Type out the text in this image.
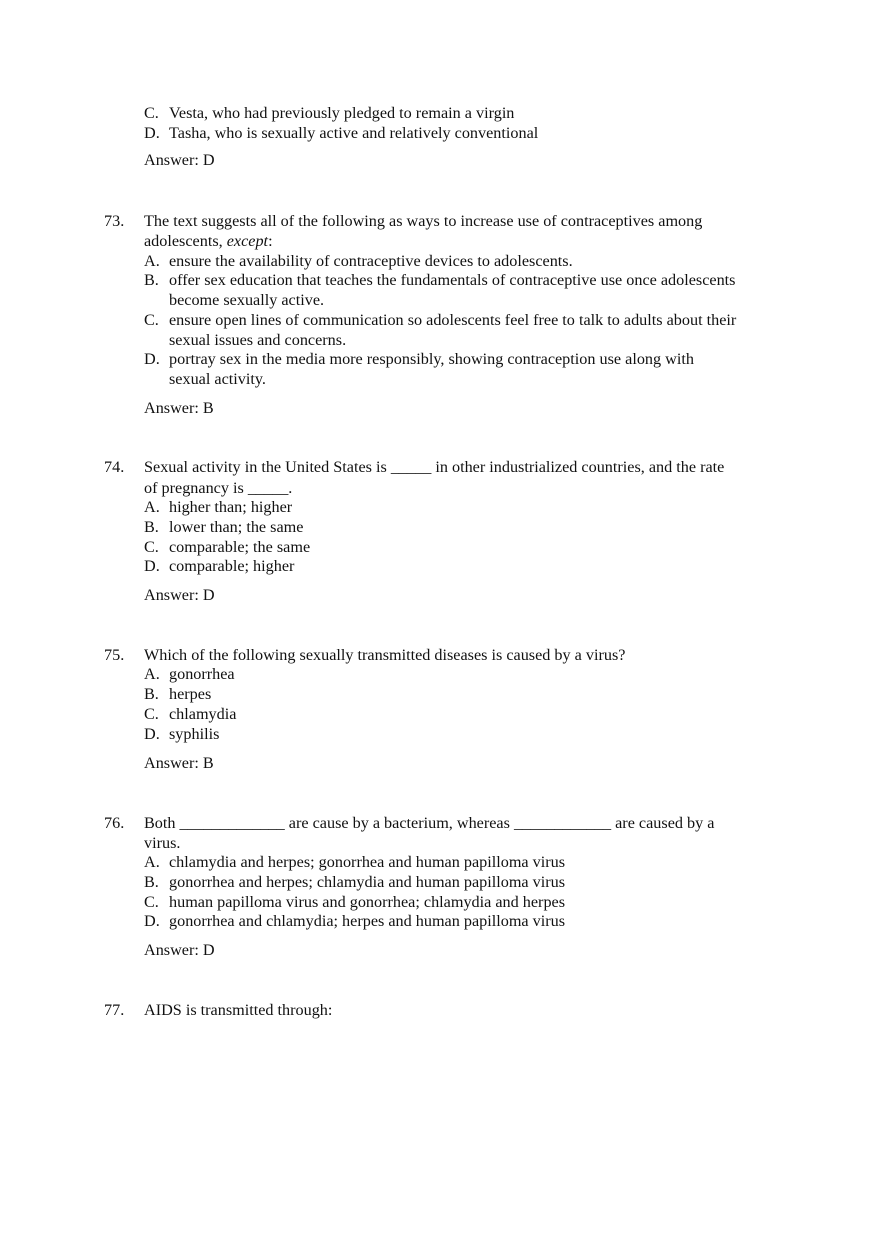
C. Vesta, who had previously pledged to remain a virgin
D. Tasha, who is sexually active and relatively conventional
Answer: D
73. The text suggests all of the following as ways to increase use of contraceptives among
adolescents, except:
A. ensure the availability of contraceptive devices to adolescents.
B. offer sex education that teaches the fundamentals of contraceptive use once adolescents
become sexually active.
C. ensure open lines of communication so adolescents feel free to talk to adults about their
sexual issues and concerns.
D. portray sex in the media more responsibly, showing contraception use along with
sexual activity.
Answer: B
74. Sexual activity in the United States is _____ in other industrialized countries, and the rate
of pregnancy is _____.
A. higher than; higher
B. lower than; the same
C. comparable; the same
D. comparable; higher
Answer: D
75. Which of the following sexually transmitted diseases is caused by a virus?
A. gonorrhea
B. herpes
C. chlamydia
D. syphilis
Answer: B
76. Both _____________ are cause by a bacterium, whereas ____________ are caused by a
virus.
A. chlamydia and herpes; gonorrhea and human papilloma virus
B. gonorrhea and herpes; chlamydia and human papilloma virus
C. human papilloma virus and gonorrhea; chlamydia and herpes
D. gonorrhea and chlamydia; herpes and human papilloma virus
Answer: D
77. AIDS is transmitted through:
